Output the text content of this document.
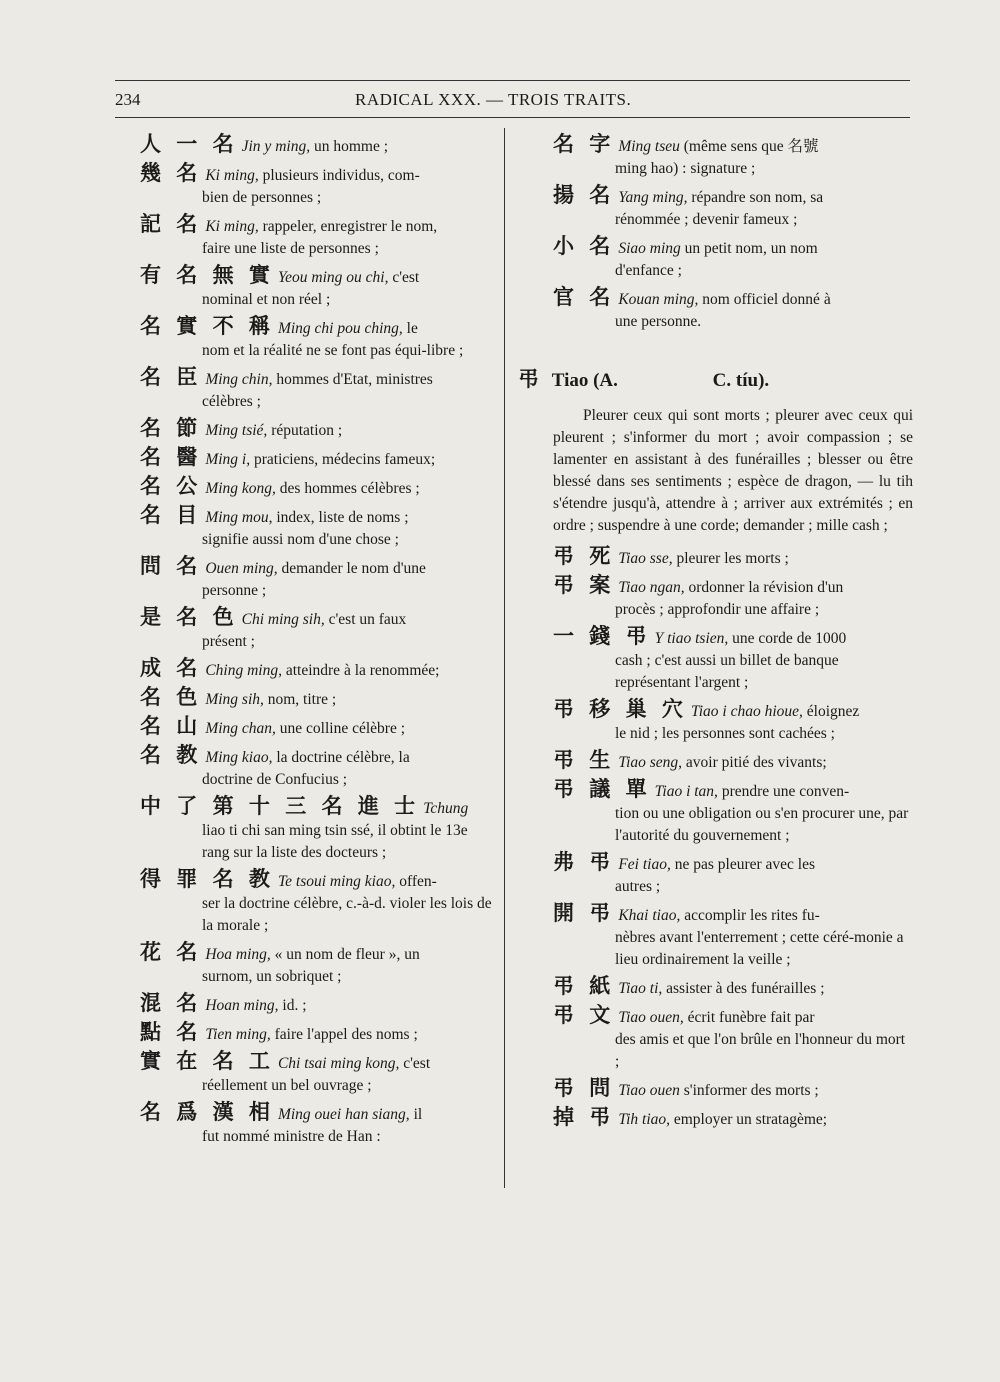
234	RADICAL XXX. — TROIS TRAITS.
人 一 名 Jin y ming, un homme ;
幾 名 Ki ming, plusieurs individus, com-
bien de personnes ;
記 名 Ki ming, rappeler, enregistrer le nom,
faire une liste de personnes ;
有 名 無 實 Yeou ming ou chi, c'est
nominal et non réel ;
名 實 不 稱 Ming chi pou ching, le
nom et la réalité ne se font pas équi-libre ;
名 臣 Ming chin, hommes d'Etat, ministres
célèbres ;
名 節 Ming tsié, réputation ;
名 醫 Ming i, praticiens, médecins fameux;
名 公 Ming kong, des hommes célèbres ;
名 目 Ming mou, index, liste de noms ;
signifie aussi nom d'une chose ;
問 名 Ouen ming, demander le nom d'une
personne ;
是 名 色 Chi ming sih, c'est un faux
présent ;
成 名 Ching ming, atteindre à la renommée;
名 色 Ming sih, nom, titre ;
名 山 Ming chan, une colline célèbre ;
名 教 Ming kiao, la doctrine célèbre, la
doctrine de Confucius ;
中 了 第 十 三 名 進 士 Tchung
liao ti chi san ming tsin ssé, il obtint le 13e rang sur la liste des docteurs ;
得 罪 名 教 Te tsoui ming kiao, offen-
ser la doctrine célèbre, c.-à-d. violer les lois de la morale ;
花 名 Hoa ming, « un nom de fleur », un
surnom, un sobriquet ;
混 名 Hoan ming, id. ;
點 名 Tien ming, faire l'appel des noms ;
實 在 名 工 Chi tsai ming kong, c'est
réellement un bel ouvrage ;
名 爲 漢 相 Ming ouei han siang, il
fut nommé ministre de Han :
名 字 Ming tseu (même sens que 名號
ming hao) : signature ;
揚 名 Yang ming, répandre son nom, sa
rénommée ; devenir fameux ;
小 名 Siao ming un petit nom, un nom
d'enfance ;
官 名 Kouan ming, nom officiel donné à
une personne.
弔 Tiao (A.	C. tíu).

Pleurer ceux qui sont morts ; pleurer avec ceux qui pleurent ; s'informer du mort ; avoir compassion ; se lamenter en assistant à des funérailles ; blesser ou être blessé dans ses sentiments ; espèce de dragon, — lu tih s'étendre jusqu'à, attendre à ; arriver aux extrémités ; en ordre ; suspendre à une corde; demander ; mille cash ;

弔 死 Tiao sse, pleurer les morts ;
弔 案 Tiao ngan, ordonner la révision d'un
procès ; approfondir une affaire ;
一 錢 弔 Y tiao tsien, une corde de 1000
cash ; c'est aussi un billet de banque représentant l'argent ;
弔 移 巢 穴 Tiao i chao hioue, éloignez
le nid ; les personnes sont cachées ;
弔 生 Tiao seng, avoir pitié des vivants;
弔 議 單 Tiao i tan, prendre une conven-
tion ou une obligation ou s'en procurer une, par l'autorité du gouvernement ;
弗 弔 Fei tiao, ne pas pleurer avec les
autres ;
開 弔 Khai tiao, accomplir les rites fu-
nèbres avant l'enterrement ; cette céré-monie a lieu ordinairement la veille ;
弔 紙 Tiao ti, assister à des funérailles ;
弔 文 Tiao ouen, écrit funèbre fait par
des amis et que l'on brûle en l'honneur du mort ;
弔 問 Tiao ouen s'informer des morts ;
掉 弔 Tih tiao, employer un stratagème;
